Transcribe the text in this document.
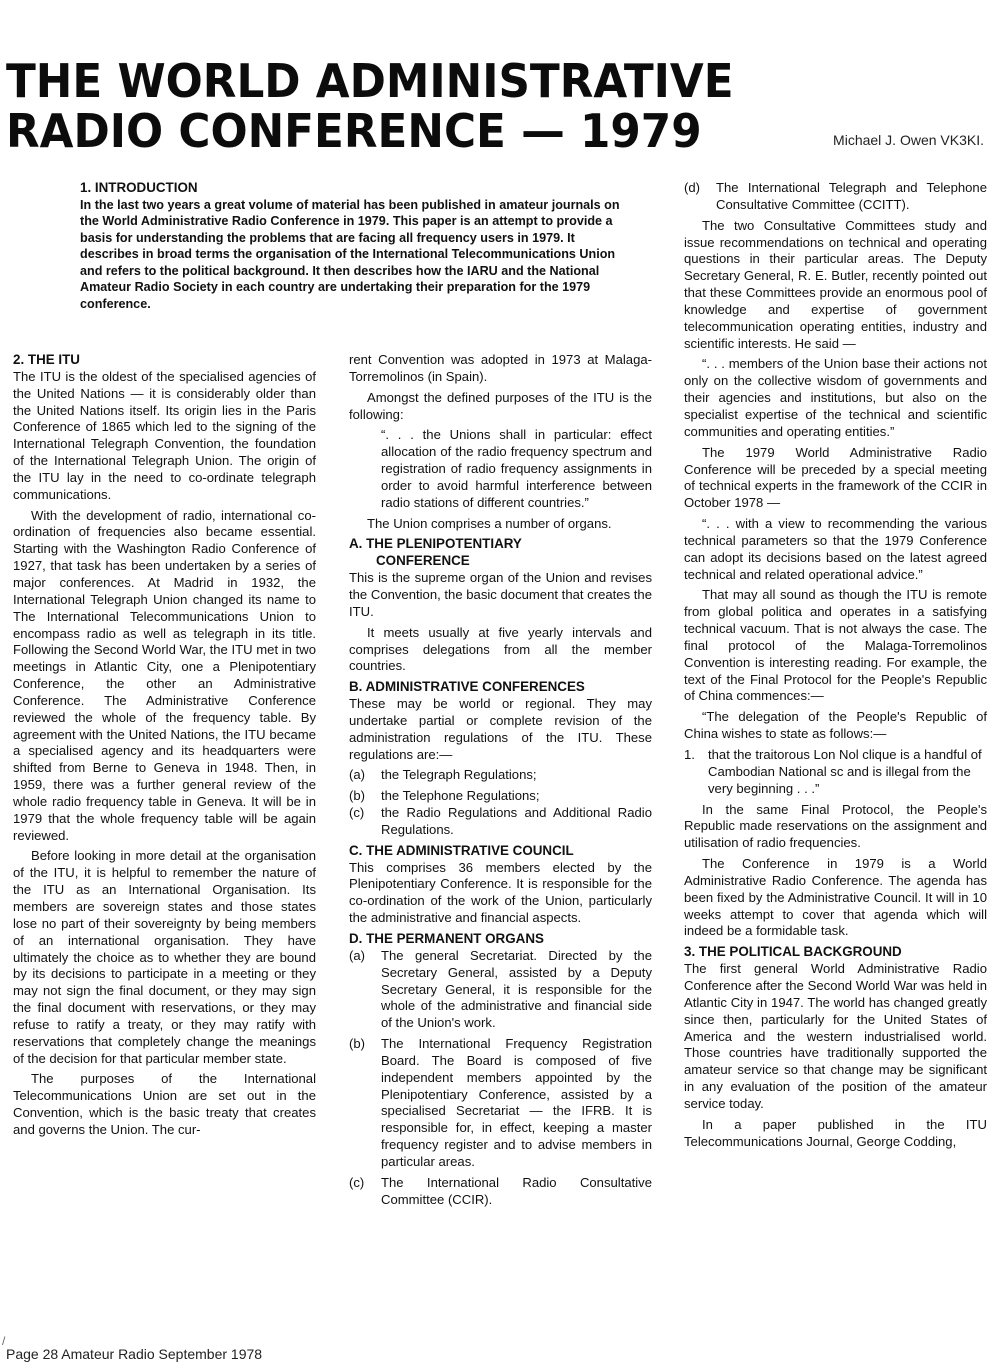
THE WORLD ADMINISTRATIVE
RADIO CONFERENCE — 1979	Michael J. Owen VK3KI.
1. INTRODUCTION

In the last two years a great volume of material has been published in amateur journals on the World Administrative Radio Conference in 1979. This paper is an attempt to provide a basis for understanding the problems that are facing all frequency users in 1979. It describes in broad terms the organisation of the International Telecommunications Union and refers to the political background. It then describes how the IARU and the National Amateur Radio Society in each country are undertaking their preparation for the 1979 conference.

2. THE ITU

The ITU is the oldest of the specialised agencies of the United Nations — it is considerably older than the United Nations itself. Its origin lies in the Paris Conference of 1865 which led to the signing of the International Telegraph Convention, the foundation of the International Telegraph Union. The origin of the ITU lay in the need to co-ordinate telegraph communications.

With the development of radio, international co-ordination of frequencies also became essential. Starting with the Washington Radio Conference of 1927, that task has been undertaken by a series of major conferences. At Madrid in 1932, the International Telegraph Union changed its name to The International Telecommunications Union to encompass radio as well as telegraph in its title. Following the Second World War, the ITU met in two meetings in Atlantic City, one a Plenipotentiary Conference, the other an Administrative Conference. The Administrative Conference reviewed the whole of the frequency table. By agreement with the United Nations, the ITU became a specialised agency and its headquarters were shifted from Berne to Geneva in 1948. Then, in 1959, there was a further general review of the whole radio frequency table in Geneva. It will be in 1979 that the whole frequency table will be again reviewed.

Before looking in more detail at the organisation of the ITU, it is helpful to remember the nature of the ITU as an International Organisation. Its members are sovereign states and those states lose no part of their sovereignty by being members of an international organisation. They have ultimately the choice as to whether they are bound by its decisions to participate in a meeting or they may not sign the final document, or they may sign the final document with reservations, or they may refuse to ratify a treaty, or they may ratify with reservations that completely change the meanings of the decision for that particular member state.

The purposes of the International Telecommunications Union are set out in the Convention, which is the basic treaty that creates and governs the Union. The cur-

rent Convention was adopted in 1973 at Malaga-Torremolinos (in Spain).

Amongst the defined purposes of the ITU is the following:

“. . . the Unions shall in particular: effect allocation of the radio frequency spectrum and registration of radio frequency assignments in order to avoid harmful interference between radio stations of different countries.”

The Union comprises a number of organs.

A. THE PLENIPOTENTIARY
CONFERENCE

This is the supreme organ of the Union and revises the Convention, the basic document that creates the ITU.

It meets usually at five yearly intervals and comprises delegations from all the member countries.

B. ADMINISTRATIVE CONFERENCES

These may be world or regional. They may undertake partial or complete revision of the administration regulations of the ITU. These regulations are:—

(a)	the Telegraph Regulations;
(b)	the Telephone Regulations;
(c)	the Radio Regulations and Additional Radio Regulations.
C. THE ADMINISTRATIVE COUNCIL

This comprises 36 members elected by the Plenipotentiary Conference. It is responsible for the co-ordination of the work of the Union, particularly the administrative and financial aspects.

D. THE PERMANENT ORGANS
(a)	The general Secretariat. Directed by the Secretary General, assisted by a Deputy Secretary General, it is responsible for the whole of the administrative and financial side of the Union's work.
(b)	The International Frequency Registration Board. The Board is composed of five independent members appointed by the Plenipotentiary Conference, assisted by a specialised Secretariat — the IFRB. It is responsible for, in effect, keeping a master frequency register and to advise members in particular areas.
(c)	The International Radio Consultative Committee (CCIR).
(d)	The International Telegraph and Telephone Consultative Committee (CCITT).

The two Consultative Committees study and issue recommendations on technical and operating questions in their particular areas. The Deputy Secretary General, R. E. Butler, recently pointed out that these Committees provide an enormous pool of knowledge and expertise of government telecommunication operating entities, industry and scientific interests. He said —

“. . . members of the Union base their actions not only on the collective wisdom of governments and their agencies and institutions, but also on the specialist expertise of the technical and scientific communities and operating entities.”

The 1979 World Administrative Radio Conference will be preceded by a special meeting of technical experts in the framework of the CCIR in October 1978 —

“. . . with a view to recommending the various technical parameters so that the 1979 Conference can adopt its decisions based on the latest agreed technical and related operational advice.”

That may all sound as though the ITU is remote from global politica and operates in a satisfying technical vacuum. That is not always the case. The final protocol of the Malaga-Torremolinos Convention is interesting reading. For example, the text of the Final Protocol for the People's Republic of China commences:—

“The delegation of the People's Republic of China wishes to state as follows:—

1. that the traitorous Lon Nol clique is a handful of Cambodian National sc and is illegal from the very beginning . . .”

In the same Final Protocol, the People's Republic made reservations on the assignment and utilisation of radio frequencies.

The Conference in 1979 is a World Administrative Radio Conference. The agenda has been fixed by the Administrative Council. It will in 10 weeks attempt to cover that agenda which will indeed be a formidable task.

3. THE POLITICAL BACKGROUND

The first general World Administrative Radio Conference after the Second World War was held in Atlantic City in 1947. The world has changed greatly since then, particularly for the United States of America and the western industrialised world. Those countries have traditionally supported the amateur service so that change may be significant in any evaluation of the position of the amateur service today.

In a paper published in the ITU Telecommunications Journal, George Codding,

/
Page 28 Amateur Radio September 1978
